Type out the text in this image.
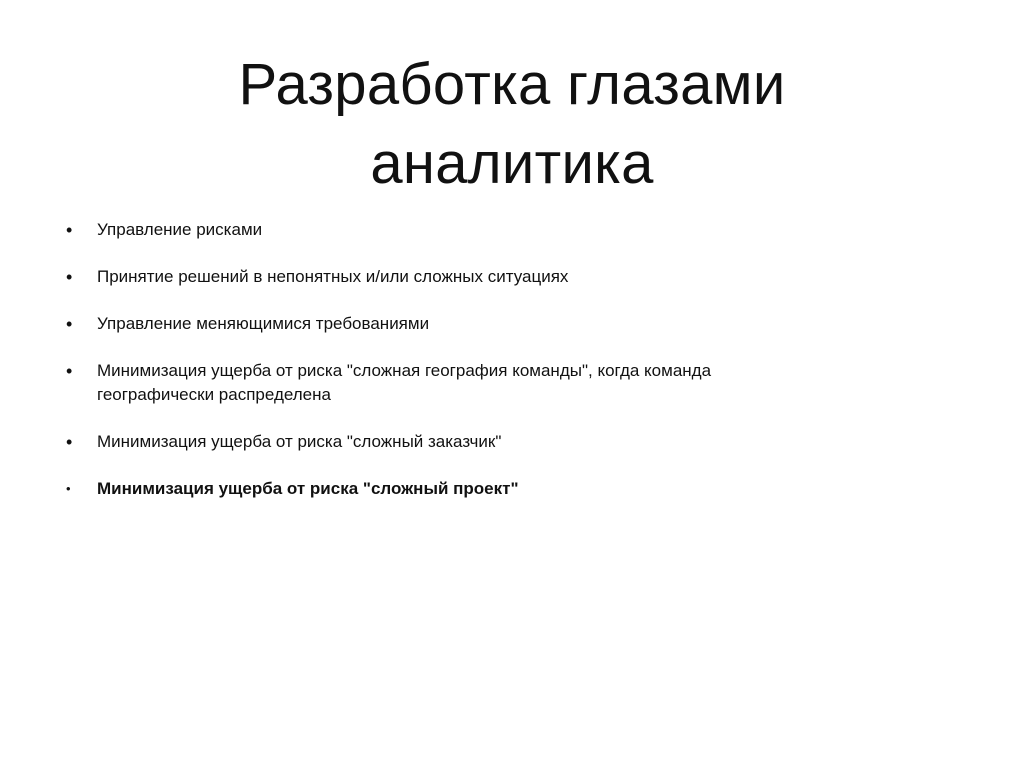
Разработка глазами
аналитика
•	Управление рисками
•	Принятие решений в непонятных и/или сложных ситуациях
•	Управление меняющимися требованиями
•	Минимизация ущерба от риска "сложная география команды", когда команда географически распределена
•	Минимизация ущерба от риска "сложный заказчик"
•	Минимизация ущерба от риска "сложный проект"
